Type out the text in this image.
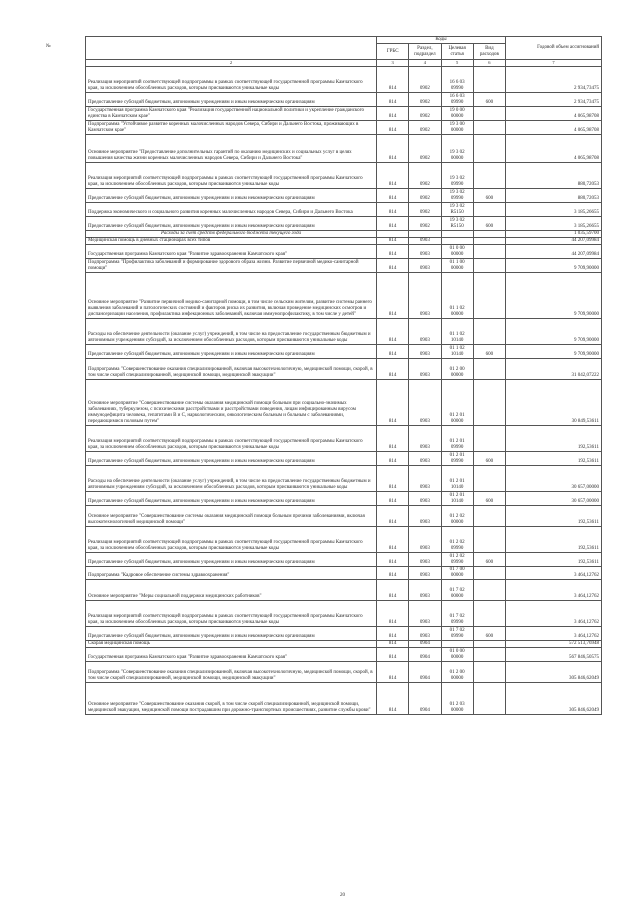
№	Коды				Годовой объем ассигнований
	ГРБС	Раздел, подраздел	Целевая статья	Вид расходов	
2	3	4	5	6	7
Реализация мероприятий соответствующей подпрограммы в рамках соответствующей государственной программы Камчатского края, за исключением обособленных расходов, которым присваиваются уникальные коды	814	0902	16 6 03 09990		2 934,73475
Предоставление субсидий бюджетным, автономным учреждениям и иным некоммерческим организациям	814	0902	16 6 03 09990	600	2 934,73475
Государственная программа Камчатского края "Реализация государственной национальной политики и укрепление гражданского единства в Камчатском крае"	814	0902	19 0 00 00000		4 065,98708
Подпрограмма "Устойчивое развитие коренных малочисленных народов Севера, Сибири и Дальнего Востока, проживающих в Камчатском крае"	814	0902	19 3 00 00000		4 065,98708
Основное мероприятие "Предоставление дополнительных гарантий по оказанию медицинских и социальных услуг в целях повышения качества жизни коренных малочисленных народов Севера, Сибири и Дальнего Востока"	814	0902	19 3 02 00000		4 065,98708
Реализация мероприятий соответствующей подпрограммы в рамках соответствующей государственной программы Камчатского края, за исключением обособленных расходов, которым присваиваются уникальные коды	814	0902	19 3 02 09990		880,72053
Предоставление субсидий бюджетным, автономным учреждениям и иным некоммерческим организациям	814	0902	19 3 02 09990	600	880,72053
Поддержка экономического и социального развития коренных малочисленных народов Севера, Сибири и Дальнего Востока	814	0902	19 3 02 R5150		3 185,26655
Предоставление субсидий бюджетным, автономным учреждениям и иным некоммерческим организациям	814	0902	19 3 02 R5150	600	3 185,26655
Расходы за счет средств федерального бюджета текущего года					1 035,59700
Медицинская помощь в дневных стационарах всех типов	814	0903			44 207,09984
Государственная программа Камчатского края "Развитие здравоохранения Камчатского края"	814	0903	01 0 00 00000		44 207,09984
Подпрограмма "Профилактика заболеваний и формирование здорового образа жизни. Развитие первичной медико-санитарной помощи"	814	0903	01 1 00 00000		9 709,90000
Основное мероприятие "Развитие первичной медико-санитарной помощи, в том числе сельским жителям, развитие системы раннего выявления заболеваний и патологических состояний и факторов риска их развития, включая проведение медицинских осмотров и диспансеризации населения, профилактика инфекционных заболеваний, включая иммунопрофилактику, в том числе у детей"	814	0903	01 1 02 00000		9 709,90000
Расходы на обеспечение деятельности (оказание услуг) учреждений, в том числе на предоставление государственным бюджетным и автономным учреждениям субсидий, за исключением обособленных расходов, которым присваиваются уникальные коды	814	0903	01 1 02 10140		9 709,90000
Предоставление субсидий бюджетным, автономным учреждениям и иным некоммерческим организациям	814	0903	01 1 02 10140	600	9 709,90000
Подпрограмма "Совершенствование оказания специализированной, включая высокотехнологичную, медицинской помощи, скорой, в том числе скорой специализированной, медицинской помощи, медицинской эвакуации"	814	0903	01 2 00 00000		31 042,07222
Основное мероприятие "Совершенствование системы оказания медицинской помощи больным при социально-значимых заболеваниях, туберкулезом, с психическими расстройствами и расстройствами поведения, лицам инфицированным вирусом иммунодефицита человека, гепатитами В и С, наркологическим, онкологическим больным и больным с заболеваниями, передающимися половым путем"	814	0903	01 2 01 00000		30 849,53611
Реализация мероприятий соответствующей подпрограммы в рамках соответствующей государственной программы Камчатского края, за исключением обособленных расходов, которым присваиваются уникальные коды	814	0903	01 2 01 09990		192,53611
Предоставление субсидий бюджетным, автономным учреждениям и иным некоммерческим организациям	814	0903	01 2 01 09990	600	192,53611
Расходы на обеспечение деятельности (оказание услуг) учреждений, в том числе на предоставление государственным бюджетным и автономным учреждениям субсидий, за исключением обособленных расходов, которым присваиваются уникальные коды	814	0903	01 2 01 10140		30 657,00000
Предоставление субсидий бюджетным, автономным учреждениям и иным некоммерческим организациям	814	0903	01 2 01 10140	600	30 657,00000
Основное мероприятие "Совершенствование системы оказания медицинской помощи больным прочими заболеваниями, включая высокотехнологичной медицинской помощи"	814	0903	01 2 02 00000		192,53611
Реализация мероприятий соответствующей подпрограммы в рамках соответствующей государственной программы Камчатского края, за исключением обособленных расходов, которым присваиваются уникальные коды	814	0903	01 2 02 09990		192,53611
Предоставление субсидий бюджетным, автономным учреждениям и иным некоммерческим организациям	814	0903	01 2 02 09990	600	192,53611
Подпрограмма "Кадровое обеспечение системы здравоохранения"	814	0903	01 7 00 00000		3 464,12762
Основное мероприятие "Меры социальной поддержки медицинских работников"	814	0903	01 7 02 00000		3 464,12762
Реализация мероприятий соответствующей подпрограммы в рамках соответствующей государственной программы Камчатского края, за исключением обособленных расходов, которым присваиваются уникальные коды	814	0903	01 7 02 09990		3 464,12762
Предоставление субсидий бюджетным, автономным учреждениям и иным некоммерческим организациям	814	0903	01 7 02 09990	600	3 464,12762
Скорая медицинская помощь	814	0904			572 513,76948
Государственная программа Камчатского края "Развитие здравоохранения Камчатского края"	814	0904	01 0 00 00000		567 846,50575
Подпрограмма "Совершенствование оказания специализированной, включая высокотехнологичную, медицинской помощи, скорой, в том числе скорой специализированной, медицинской помощи, медицинской эвакуации"	814	0904	01 2 00 00000		305 846,62049
Основное мероприятие "Совершенствование оказания скорой, в том числе скорой специализированной, медицинской помощи, медицинской эвакуации, медицинской помощи пострадавшим при дорожно-транспортных происшествиях, развитие службы крови"	814	0904	01 2 03 00000		305 846,62049
20
